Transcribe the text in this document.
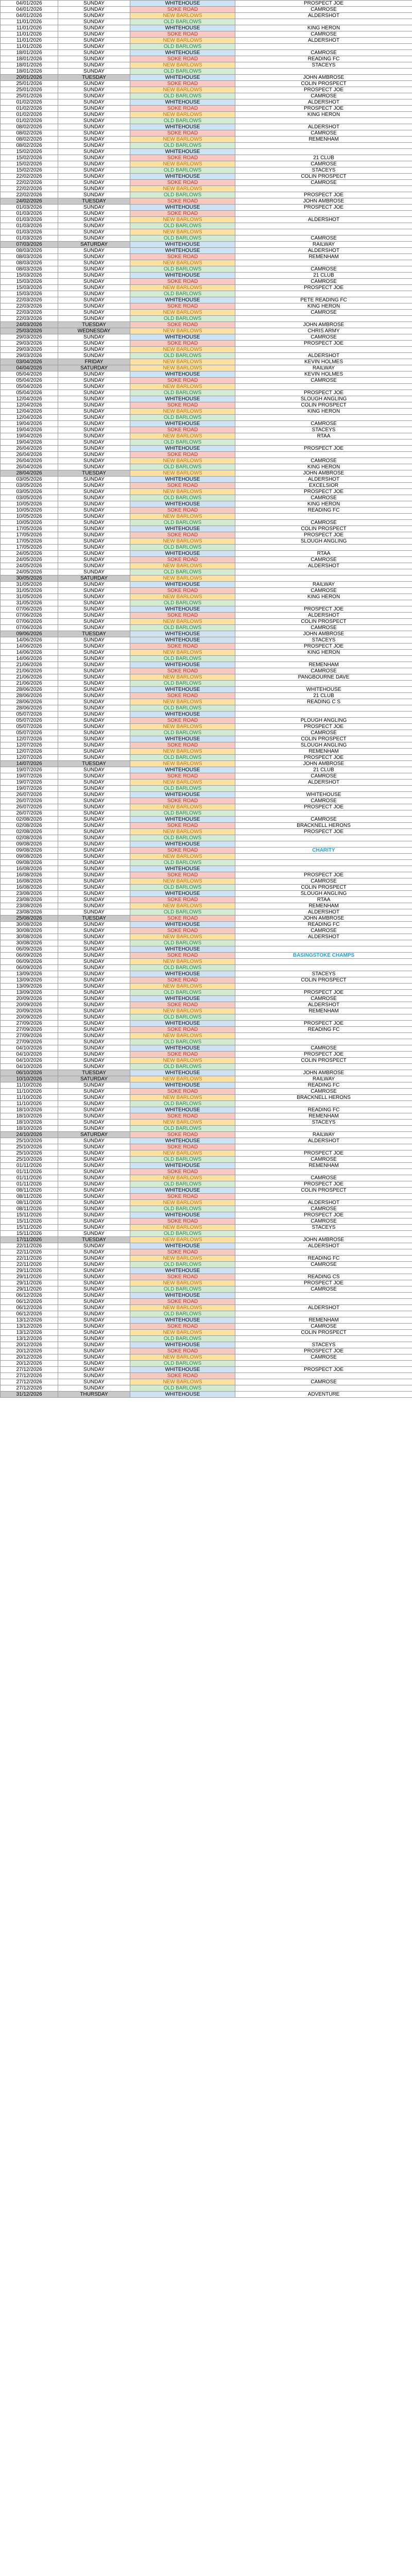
04/01/2026	SUNDAY	WHITEHOUSE	PROSPECT JOE
04/01/2026	SUNDAY	SOKE ROAD	CAMROSE
04/01/2026	SUNDAY	NEW BARLOWS	ALDERSHOT
11/01/2026	SUNDAY	OLD BARLOWS	
11/01/2026	SUNDAY	WHITEHOUSE	KING HERON
11/01/2026	SUNDAY	SOKE ROAD	CAMROSE
11/01/2026	SUNDAY	NEW BARLOWS	ALDERSHOT
11/01/2026	SUNDAY	OLD BARLOWS	
18/01/2026	SUNDAY	WHITEHOUSE	CAMROSE
18/01/2026	SUNDAY	SOKE ROAD	READING FC
18/01/2026	SUNDAY	NEW BARLOWS	STACEYS
18/01/2026	SUNDAY	OLD BARLOWS	
20/01/2026	TUESDAY	WHITEHOUSE	JOHN AMBROSE
25/01/2026	SUNDAY	SOKE ROAD	COLIN PROSPECT
25/01/2026	SUNDAY	NEW BARLOWS	PROSPECT JOE
25/01/2026	SUNDAY	OLD BARLOWS	CAMROSE
01/02/2026	SUNDAY	WHITEHOUSE	ALDERSHOT
01/02/2026	SUNDAY	SOKE ROAD	PROSPECT JOE
01/02/2026	SUNDAY	NEW BARLOWS	KING HERON
01/02/2026	SUNDAY	OLD BARLOWS	
08/02/2026	SUNDAY	WHITEHOUSE	ALDERSHOT
08/02/2026	SUNDAY	SOKE ROAD	CAMROSE
08/02/2026	SUNDAY	NEW BARLOWS	REMENHAM
08/02/2026	SUNDAY	OLD BARLOWS	
15/02/2026	SUNDAY	WHITEHOUSE	
15/02/2026	SUNDAY	SOKE ROAD	21 CLUB
15/02/2026	SUNDAY	NEW BARLOWS	CAMROSE
15/02/2026	SUNDAY	OLD BARLOWS	STACEYS
22/02/2026	SUNDAY	WHITEHOUSE	COLIN PROSPECT
22/02/2026	SUNDAY	SOKE ROAD	CAMROSE
22/02/2026	SUNDAY	NEW BARLOWS	
22/02/2026	SUNDAY	OLD BARLOWS	PROSPECT JOE
24/02/2026	TUESDAY	SOKE ROAD	JOHN AMBROSE
01/03/2026	SUNDAY	WHITEHOUSE	PROSPECT JOE
01/03/2026	SUNDAY	SOKE ROAD	
01/03/2026	SUNDAY	NEW BARLOWS	ALDERSHOT
01/03/2026	SUNDAY	OLD BARLOWS	
01/03/2026	SUNDAY	NEW BARLOWS	
01/03/2026	SUNDAY	OLD BARLOWS	CAMROSE
07/03/2026	SATURDAY	WHITEHOUSE	RAILWAY
08/03/2026	SUNDAY	WHITEHOUSE	ALDERSHOT
08/03/2026	SUNDAY	SOKE ROAD	REMENHAM
08/03/2026	SUNDAY	NEW BARLOWS	
08/03/2026	SUNDAY	OLD BARLOWS	CAMROSE
15/03/2026	SUNDAY	WHITEHOUSE	21 CLUB
15/03/2026	SUNDAY	SOKE ROAD	CAMROSE
15/03/2026	SUNDAY	NEW BARLOWS	PROSPECT JOE
15/03/2026	SUNDAY	OLD BARLOWS	
22/03/2026	SUNDAY	WHITEHOUSE	PETE READING FC
22/03/2026	SUNDAY	SOKE ROAD	KING HERON
22/03/2026	SUNDAY	NEW BARLOWS	CAMROSE
22/03/2026	SUNDAY	OLD BARLOWS	
24/03/2026	TUESDAY	SOKE ROAD	JOHN AMBROSE
25/03/2026	WEDNESDAY	NEW BARLOWS	CHRIS ARMY
29/03/2026	SUNDAY	WHITEHOUSE	CAMROSE
29/03/2026	SUNDAY	SOKE ROAD	PROSPECT JOE
29/03/2026	SUNDAY	NEW BARLOWS	
29/03/2026	SUNDAY	OLD BARLOWS	ALDERSHOT
03/04/2026	FRIDAY	NEW BARLOWS	KEVIN HOLMES
04/04/2026	SATURDAY	NEW BARLOWS	RAILWAY
05/04/2026	SUNDAY	WHITEHOUSE	KEVIN HOLMES
05/04/2026	SUNDAY	SOKE ROAD	CAMROSE
05/04/2026	SUNDAY	NEW BARLOWS	
05/04/2026	SUNDAY	OLD BARLOWS	PROSPECT JOE
12/04/2026	SUNDAY	WHITEHOUSE	SLOUGH ANGLING
12/04/2026	SUNDAY	SOKE ROAD	COLIN PROSPECT
12/04/2026	SUNDAY	NEW BARLOWS	KING HERON
12/04/2026	SUNDAY	OLD BARLOWS	
19/04/2026	SUNDAY	WHITEHOUSE	CAMROSE
19/04/2026	SUNDAY	SOKE ROAD	STACEYS
19/04/2026	SUNDAY	NEW BARLOWS	RTAA
19/04/2026	SUNDAY	OLD BARLOWS	
26/04/2026	SUNDAY	WHITEHOUSE	PROSPECT JOE
26/04/2026	SUNDAY	SOKE ROAD	
26/04/2026	SUNDAY	NEW BARLOWS	CAMROSE
26/04/2026	SUNDAY	OLD BARLOWS	KING HERON
28/04/2026	TUESDAY	NEW BARLOWS	JOHN AMBROSE
03/05/2026	SUNDAY	WHITEHOUSE	ALDERSHOT
03/05/2026	SUNDAY	SOKE ROAD	EXCELSIOR
03/05/2026	SUNDAY	NEW BARLOWS	PROSPECT JOE
03/05/2026	SUNDAY	OLD BARLOWS	CAMROSE
10/05/2026	SUNDAY	WHITEHOUSE	KING HERON
10/05/2026	SUNDAY	SOKE ROAD	READING FC
10/05/2026	SUNDAY	NEW BARLOWS	
10/05/2026	SUNDAY	OLD BARLOWS	CAMROSE
17/05/2026	SUNDAY	WHITEHOUSE	COLIN PROSPECT
17/05/2026	SUNDAY	SOKE ROAD	PROSPECT JOE
17/05/2026	SUNDAY	NEW BARLOWS	SLOUGH ANGLING
17/05/2026	SUNDAY	OLD BARLOWS	
24/05/2026	SUNDAY	WHITEHOUSE	RTAA
24/05/2026	SUNDAY	SOKE ROAD	CAMROSE
24/05/2026	SUNDAY	NEW BARLOWS	ALDERSHOT
24/05/2026	SUNDAY	OLD BARLOWS	
30/05/2026	SATURDAY	NEW BARLOWS	
31/05/2026	SUNDAY	WHITEHOUSE	RAILWAY
31/05/2026	SUNDAY	SOKE ROAD	CAMROSE
31/05/2026	SUNDAY	NEW BARLOWS	KING HERON
31/05/2026	SUNDAY	OLD BARLOWS	
07/06/2026	SUNDAY	WHITEHOUSE	PROSPECT JOE
07/06/2026	SUNDAY	SOKE ROAD	ALDERSHOT
07/06/2026	SUNDAY	NEW BARLOWS	COLIN PROSPECT
07/06/2026	SUNDAY	OLD BARLOWS	CAMROSE
09/06/2026	TUESDAY	WHITEHOUSE	JOHN AMBROSE
14/06/2026	SUNDAY	WHITEHOUSE	STACEYS
14/06/2026	SUNDAY	SOKE ROAD	PROSPECT JOE
14/06/2026	SUNDAY	NEW BARLOWS	KING HERON
14/06/2026	SUNDAY	OLD BARLOWS	
21/06/2026	SUNDAY	WHITEHOUSE	REMENHAM
21/06/2026	SUNDAY	SOKE ROAD	CAMROSE
21/06/2026	SUNDAY	NEW BARLOWS	PANGBOURNE DAVE
21/06/2026	SUNDAY	OLD BARLOWS	
28/06/2026	SUNDAY	WHITEHOUSE	WHITEHOUSE
28/06/2026	SUNDAY	SOKE ROAD	21 CLUB
28/06/2026	SUNDAY	NEW BARLOWS	READING C S
28/06/2026	SUNDAY	OLD BARLOWS	
05/07/2026	SUNDAY	WHITEHOUSE	
05/07/2026	SUNDAY	SOKE ROAD	PLOUGH ANGLING
05/07/2026	SUNDAY	NEW BARLOWS	PROSPECT JOE
05/07/2026	SUNDAY	OLD BARLOWS	CAMROSE
12/07/2026	SUNDAY	WHITEHOUSE	COLIN PROSPECT
12/07/2026	SUNDAY	SOKE ROAD	SLOUGH ANGLING
12/07/2026	SUNDAY	NEW BARLOWS	REMENHAM
12/07/2026	SUNDAY	OLD BARLOWS	PROSPECT JOE
14/07/2026	TUESDAY	NEW BARLOWS	JOHN AMBROSE
19/07/2026	SUNDAY	WHITEHOUSE	21 CLUB
19/07/2026	SUNDAY	SOKE ROAD	CAMROSE
19/07/2026	SUNDAY	NEW BARLOWS	ALDERSHOT
19/07/2026	SUNDAY	OLD BARLOWS	
26/07/2026	SUNDAY	WHITEHOUSE	WHITEHOUSE
26/07/2026	SUNDAY	SOKE ROAD	CAMROSE
26/07/2026	SUNDAY	NEW BARLOWS	PROSPECT JOE
26/07/2026	SUNDAY	OLD BARLOWS	
02/08/2026	SUNDAY	WHITEHOUSE	CAMROSE
02/08/2026	SUNDAY	SOKE ROAD	BRACKNELL HERONS
02/08/2026	SUNDAY	NEW BARLOWS	PROSPECT JOE
02/08/2026	SUNDAY	OLD BARLOWS	
09/08/2026	SUNDAY	WHITEHOUSE	
09/08/2026	SUNDAY	SOKE ROAD	CHARITY
09/08/2026	SUNDAY	NEW BARLOWS	
09/08/2026	SUNDAY	OLD BARLOWS	
16/08/2026	SUNDAY	WHITEHOUSE	
16/08/2026	SUNDAY	SOKE ROAD	PROSPECT JOE
16/08/2026	SUNDAY	NEW BARLOWS	CAMROSE
16/08/2026	SUNDAY	OLD BARLOWS	COLIN PROSPECT
23/08/2026	SUNDAY	WHITEHOUSE	SLOUGH ANGLING
23/08/2026	SUNDAY	SOKE ROAD	RTAA
23/08/2026	SUNDAY	NEW BARLOWS	REMENHAM
23/08/2026	SUNDAY	OLD BARLOWS	ALDERSHOT
25/08/2026	TUESDAY	SOKE ROAD	JOHN AMBROSE
30/08/2026	SUNDAY	WHITEHOUSE	READING FC
30/08/2026	SUNDAY	SOKE ROAD	CAMROSE
30/08/2026	SUNDAY	NEW BARLOWS	ALDERSHOT
30/08/2026	SUNDAY	OLD BARLOWS	
06/09/2026	SUNDAY	WHITEHOUSE	
06/09/2026	SUNDAY	SOKE ROAD	BASINGSTOKE CHAMPS
06/09/2026	SUNDAY	NEW BARLOWS	
06/09/2026	SUNDAY	OLD BARLOWS	
13/09/2026	SUNDAY	WHITEHOUSE	STACEYS
13/09/2026	SUNDAY	SOKE ROAD	COLIN PROSPECT
13/09/2026	SUNDAY	NEW BARLOWS	
13/09/2026	SUNDAY	OLD BARLOWS	PROSPECT JOE
20/09/2026	SUNDAY	WHITEHOUSE	CAMROSE
20/09/2026	SUNDAY	SOKE ROAD	ALDERSHOT
20/09/2026	SUNDAY	NEW BARLOWS	REMENHAM
20/09/2026	SUNDAY	OLD BARLOWS	
27/09/2026	SUNDAY	WHITEHOUSE	PROSPECT JOE
27/09/2026	SUNDAY	SOKE ROAD	READING FC
27/09/2026	SUNDAY	NEW BARLOWS	
27/09/2026	SUNDAY	OLD BARLOWS	
04/10/2026	SUNDAY	WHITEHOUSE	CAMROSE
04/10/2026	SUNDAY	SOKE ROAD	PROSPECT JOE
04/10/2026	SUNDAY	NEW BARLOWS	COLIN PROSPECT
04/10/2026	SUNDAY	OLD BARLOWS	
06/10/2026	TUESDAY	WHITEHOUSE	JOHN AMBROSE
10/10/2026	SATURDAY	NEW BARLOWS	RAILWAY
11/10/2026	SUNDAY	WHITEHOUSE	READING FC
11/10/2026	SUNDAY	SOKE ROAD	CAMROSE
11/10/2026	SUNDAY	NEW BARLOWS	BRACKNELL HERONS
11/10/2026	SUNDAY	OLD BARLOWS	
18/10/2026	SUNDAY	WHITEHOUSE	READING FC
18/10/2026	SUNDAY	SOKE ROAD	REMENHAM
18/10/2026	SUNDAY	NEW BARLOWS	STACEYS
18/10/2026	SUNDAY	OLD BARLOWS	
24/10/2026	SATURDAY	SOKE ROAD	RAILWAY
25/10/2026	SUNDAY	WHITEHOUSE	ALDERSHOT
25/10/2026	SUNDAY	SOKE ROAD	
25/10/2026	SUNDAY	NEW BARLOWS	PROSPECT JOE
25/10/2026	SUNDAY	OLD BARLOWS	CAMROSE
01/11/2026	SUNDAY	WHITEHOUSE	REMENHAM
01/11/2026	SUNDAY	SOKE ROAD	
01/11/2026	SUNDAY	NEW BARLOWS	CAMROSE
01/11/2026	SUNDAY	OLD BARLOWS	PROSPECT JOE
08/11/2026	SUNDAY	WHITEHOUSE	COLIN PROSPECT
08/11/2026	SUNDAY	SOKE ROAD	
08/11/2026	SUNDAY	NEW BARLOWS	ALDERSHOT
08/11/2026	SUNDAY	OLD BARLOWS	CAMROSE
15/11/2026	SUNDAY	WHITEHOUSE	PROSPECT JOE
15/11/2026	SUNDAY	SOKE ROAD	CAMROSE
15/11/2026	SUNDAY	NEW BARLOWS	STACEYS
15/11/2026	SUNDAY	OLD BARLOWS	
17/11/2026	TUESDAY	NEW BARLOWS	JOHN AMBROSE
22/11/2026	SUNDAY	WHITEHOUSE	ALDERSHOT
22/11/2026	SUNDAY	SOKE ROAD	
22/11/2026	SUNDAY	NEW BARLOWS	READING FC
22/11/2026	SUNDAY	OLD BARLOWS	CAMROSE
29/11/2026	SUNDAY	WHITEHOUSE	
29/11/2026	SUNDAY	SOKE ROAD	READING CS
29/11/2026	SUNDAY	NEW BARLOWS	PROSPECT JOE
29/11/2026	SUNDAY	OLD BARLOWS	CAMROSE
06/12/2026	SUNDAY	WHITEHOUSE	
06/12/2026	SUNDAY	SOKE ROAD	
06/12/2026	SUNDAY	NEW BARLOWS	ALDERSHOT
06/12/2026	SUNDAY	OLD BARLOWS	
13/12/2026	SUNDAY	WHITEHOUSE	REMENHAM
13/12/2026	SUNDAY	SOKE ROAD	CAMROSE
13/12/2026	SUNDAY	NEW BARLOWS	COLIN PROSPECT
13/12/2026	SUNDAY	OLD BARLOWS	
20/12/2026	SUNDAY	WHITEHOUSE	STACEYS
20/12/2026	SUNDAY	SOKE ROAD	PROSPECT JOE
20/12/2026	SUNDAY	NEW BARLOWS	CAMROSE
20/12/2026	SUNDAY	OLD BARLOWS	
27/12/2026	SUNDAY	WHITEHOUSE	PROSPECT JOE
27/12/2026	SUNDAY	SOKE ROAD	
27/12/2026	SUNDAY	NEW BARLOWS	CAMROSE
27/12/2026	SUNDAY	OLD BARLOWS	
31/12/2026	THURSDAY	WHITEHOUSE	ADVENTURE
